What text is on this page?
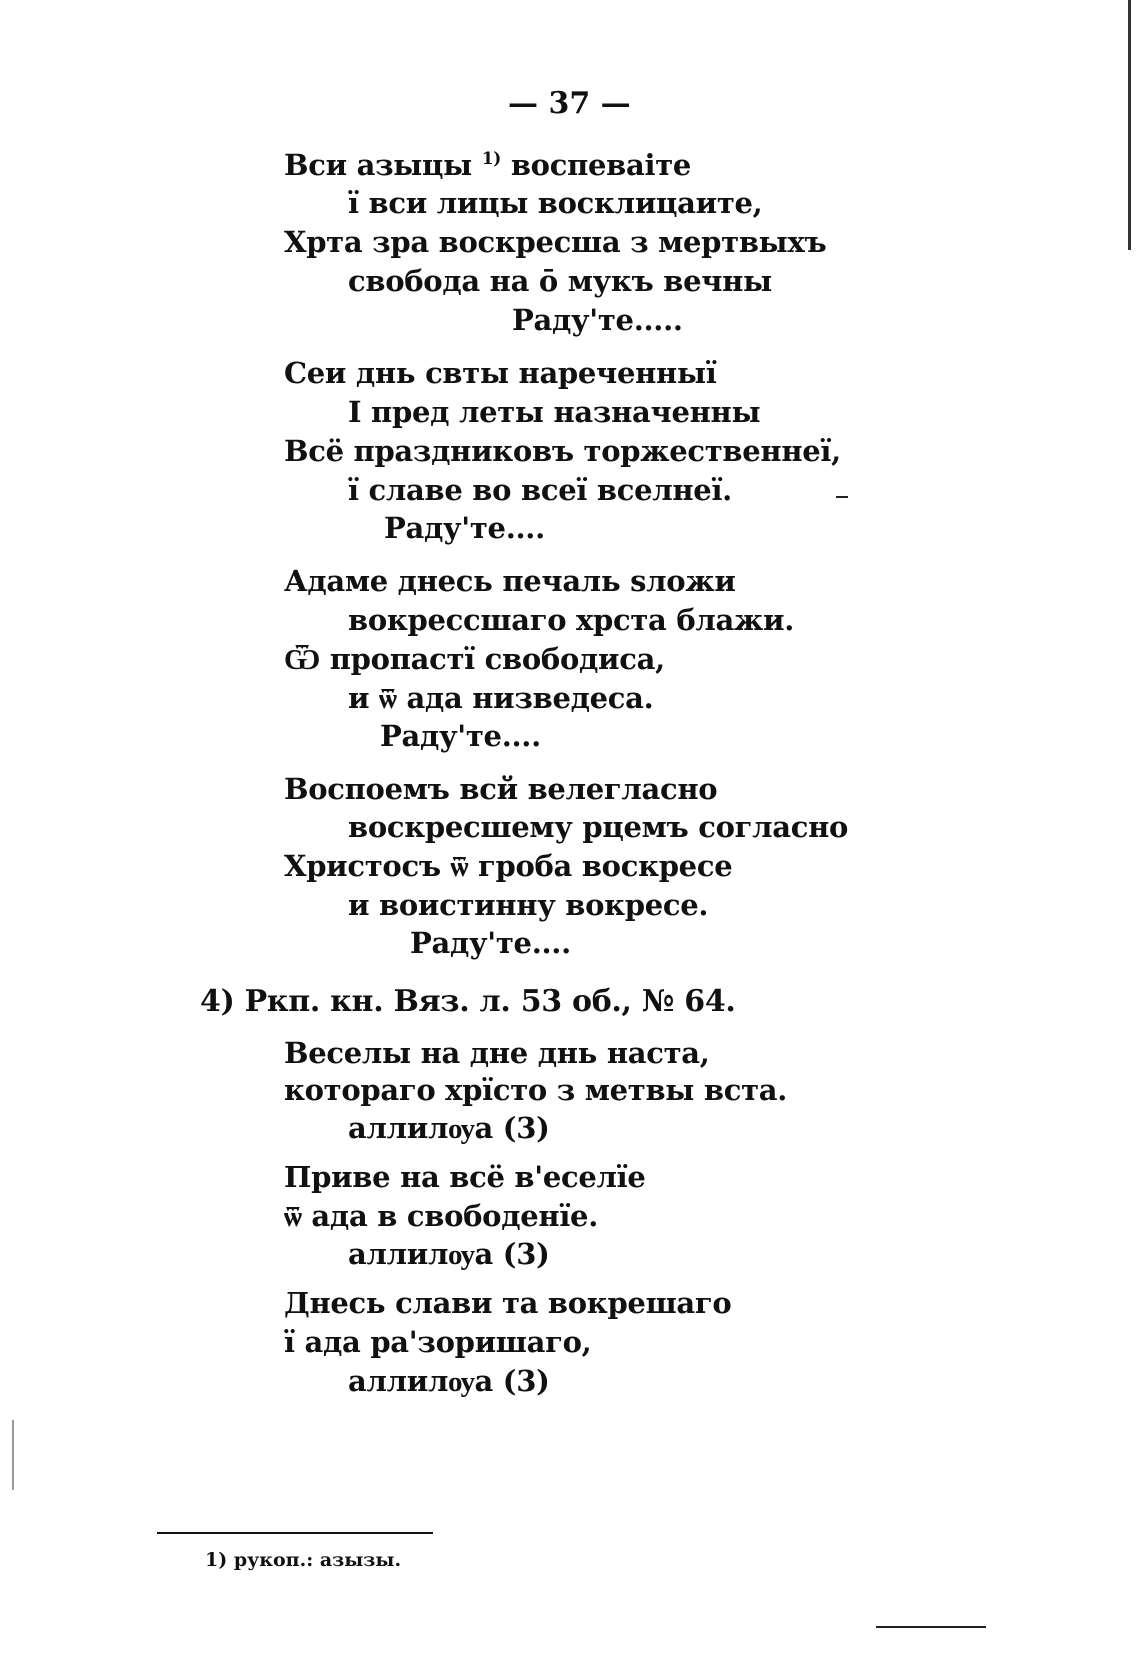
— 37 —
Вси азыцы $^{1)}$ воспеваіте
ї вси лицы восклицаите,
Хрта зра воскресша з мертвыхъ
свобода на ō мукъ вечны
Раду'те.....
Сеи днь свты нареченныї
І пред леты назначенны
Всё праздниковъ торжественнеї,
ї славе во всеї вселнеї.
Раду'те....
Адаме днесь печаль ѕложи
вокрессшаго хрста блажи.
Ѿ пропастї свободиса,
и ѿ ада низведеса.
Раду'те....
Воспоемъ всй велегласно
воскресшему рцемъ согласно
Христосъ ѿ гроба воскресе
и воистинну вокресе.
Раду'те....
4) Ркп. кн. Вяз. л. 53 об., № 64.
Веселы на дне днь наста,
котораго хрїсто з метвы вста.
аллилѹа (3)
Приве на всё в'еселїе
ѿ ада в свободенїе.
аллилѹа (3)
Днесь слави та вокрешаго
ї ада ра'зоришаго,
аллилѹа (3)
1) рукоп.: азызы.
